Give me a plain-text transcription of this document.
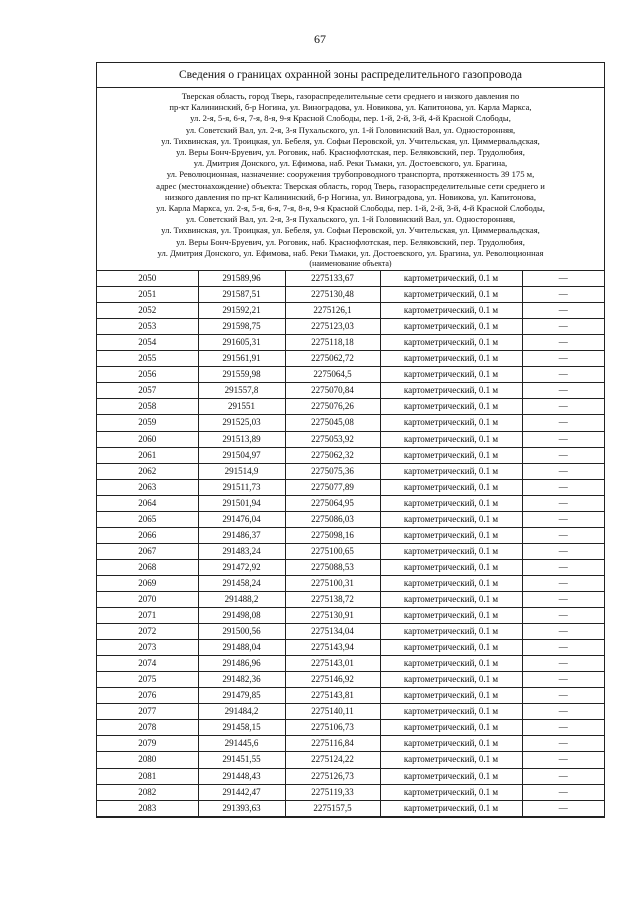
67
Сведения о границах охранной зоны распределительного газопровода
Тверская область, город Тверь, газораспределительные сети среднего и низкого давления по
пр-кт Калининский, б-р Ногина, ул. Виноградова, ул. Новикова, ул. Капитонова, ул. Карла Маркса,
ул. 2-я, 5-я, 6-я, 7-я, 8-я, 9-я Красной Слободы, пер. 1-й, 2-й, 3-й, 4-й Красной Слободы,
ул. Советский Вал, ул. 2-я, 3-я Пухальского, ул. 1-й Головинский Вал, ул. Односторонняя,
ул. Тихвинская, ул. Троицкая, ул. Бебеля, ул. Софьи Перовской, ул. Учительская, ул. Циммервальдская,
ул. Веры Бонч-Бруевич, ул. Роговик, наб. Краснофлотская, пер. Беляковский, пер. Трудолюбия,
ул. Дмитрия Донского, ул. Ефимова, наб. Реки Тьмаки, ул. Достоевского, ул. Брагина,
ул. Революционная, назначение: сооружения трубопроводного транспорта, протяженность 39 175 м,
адрес (местонахождение) объекта: Тверская область, город Тверь, газораспределительные сети среднего и
низкого давления по пр-кт Калининский, б-р Ногина, ул. Виноградова, ул. Новикова, ул. Капитонова,
ул. Карла Маркса, ул. 2-я, 5-я, 6-я, 7-я, 8-я, 9-я Красной Слободы, пер. 1-й, 2-й, 3-й, 4-й Красной Слободы,
ул. Советский Вал, ул. 2-я, 3-я Пухальского, ул. 1-й Головинский Вал, ул. Односторонняя,
ул. Тихвинская, ул. Троицкая, ул. Бебеля, ул. Софьи Перовской, ул. Учительская, ул. Циммервальдская,
ул. Веры Бонч-Бруевич, ул. Роговик, наб. Краснофлотская, пер. Беляковский, пер. Трудолюбия,
ул. Дмитрия Донского, ул. Ефимова, наб. Реки Тьмаки, ул. Достоевского, ул. Брагина, ул. Революционная
(наименование объекта)
2050	291589,96	2275133,67	картометрический, 0.1 м	—
2051	291587,51	2275130,48	картометрический, 0.1 м	—
2052	291592,21	2275126,1	картометрический, 0.1 м	—
2053	291598,75	2275123,03	картометрический, 0.1 м	—
2054	291605,31	2275118,18	картометрический, 0.1 м	—
2055	291561,91	2275062,72	картометрический, 0.1 м	—
2056	291559,98	2275064,5	картометрический, 0.1 м	—
2057	291557,8	2275070,84	картометрический, 0.1 м	—
2058	291551	2275076,26	картометрический, 0.1 м	—
2059	291525,03	2275045,08	картометрический, 0.1 м	—
2060	291513,89	2275053,92	картометрический, 0.1 м	—
2061	291504,97	2275062,32	картометрический, 0.1 м	—
2062	291514,9	2275075,36	картометрический, 0.1 м	—
2063	291511,73	2275077,89	картометрический, 0.1 м	—
2064	291501,94	2275064,95	картометрический, 0.1 м	—
2065	291476,04	2275086,03	картометрический, 0.1 м	—
2066	291486,37	2275098,16	картометрический, 0.1 м	—
2067	291483,24	2275100,65	картометрический, 0.1 м	—
2068	291472,92	2275088,53	картометрический, 0.1 м	—
2069	291458,24	2275100,31	картометрический, 0.1 м	—
2070	291488,2	2275138,72	картометрический, 0.1 м	—
2071	291498,08	2275130,91	картометрический, 0.1 м	—
2072	291500,56	2275134,04	картометрический, 0.1 м	—
2073	291488,04	2275143,94	картометрический, 0.1 м	—
2074	291486,96	2275143,01	картометрический, 0.1 м	—
2075	291482,36	2275146,92	картометрический, 0.1 м	—
2076	291479,85	2275143,81	картометрический, 0.1 м	—
2077	291484,2	2275140,11	картометрический, 0.1 м	—
2078	291458,15	2275106,73	картометрический, 0.1 м	—
2079	291445,6	2275116,84	картометрический, 0.1 м	—
2080	291451,55	2275124,22	картометрический, 0.1 м	—
2081	291448,43	2275126,73	картометрический, 0.1 м	—
2082	291442,47	2275119,33	картометрический, 0.1 м	—
2083	291393,63	2275157,5	картометрический, 0.1 м	—
